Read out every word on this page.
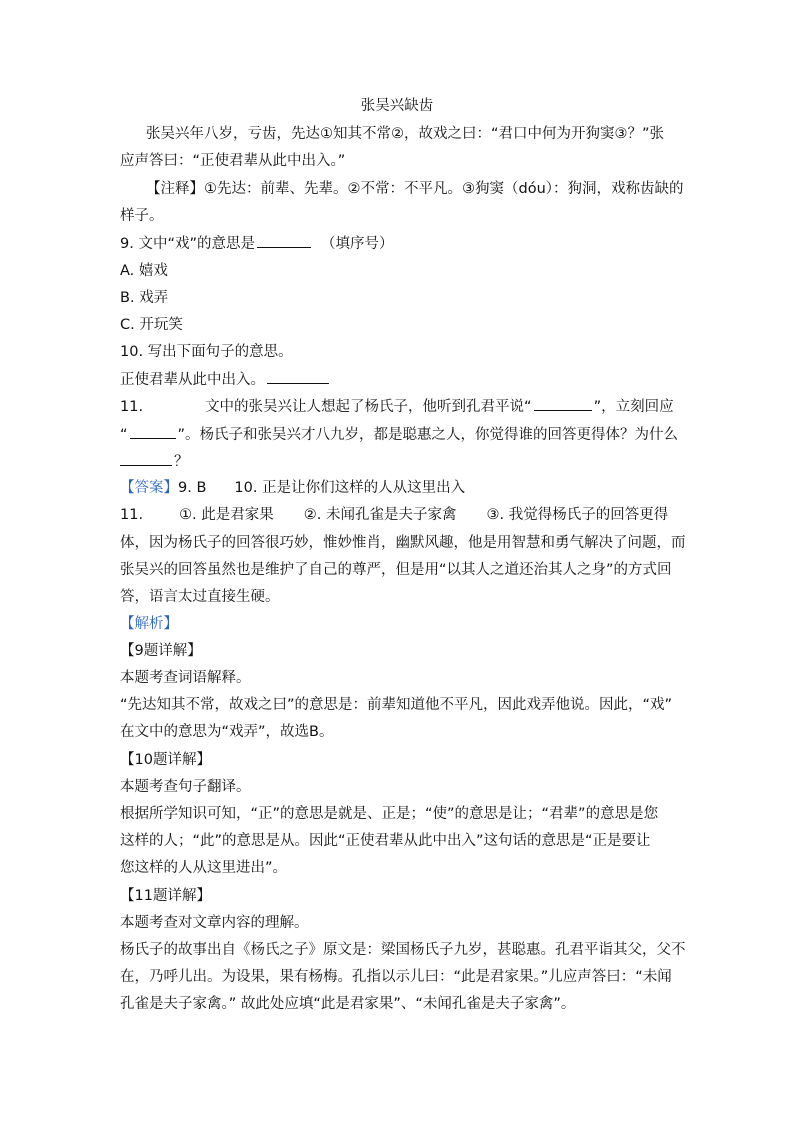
张吴兴缺齿
张吴兴年八岁，亏齿，先达①知其不常②，故戏之曰：“君口中何为开狗窦③？”张
应声答曰：“正使君辈从此中出入。”
【注释】①先达：前辈、先辈。②不常：不平凡。③狗窦（dóu）：狗洞，戏称齿缺的
样子。
9. 文中“戏”的意思是	（填序号）
A. 嬉戏
B. 戏弄
C. 开玩笑
10. 写出下面句子的意思。
正使君辈从此中出入。
11.	文中的张吴兴让人想起了杨氏子，他听到孔君平说“	”，立刻回应
“	”。杨氏子和张吴兴才八九岁，都是聪惠之人，你觉得谁的回答更得体？为什么
？
【答案】9. B 10. 正是让你们这样的人从这里出入
11. ①. 此是君家果 ②. 未闻孔雀是夫子家禽 ③. 我觉得杨氏子的回答更得
体，因为杨氏子的回答很巧妙，惟妙惟肖，幽默风趣，他是用智慧和勇气解决了问题，而
张吴兴的回答虽然也是维护了自己的尊严，但是用“以其人之道还治其人之身”的方式回
答，语言太过直接生硬。
【解析】
【9题详解】
本题考查词语解释。
“先达知其不常，故戏之曰”的意思是：前辈知道他不平凡，因此戏弄他说。因此，“戏”
在文中的意思为“戏弄”，故选B。
【10题详解】
本题考查句子翻译。
根据所学知识可知，“正”的意思是就是、正是；“使”的意思是让；“君辈”的意思是您
这样的人；“此”的意思是从。因此“正使君辈从此中出入”这句话的意思是“正是要让
您这样的人从这里进出”。
【11题详解】
本题考查对文章内容的理解。
杨氏子的故事出自《杨氏之子》原文是：梁国杨氏子九岁，甚聪惠。孔君平诣其父，父不
在，乃呼儿出。为设果，果有杨梅。孔指以示儿曰：“此是君家果。”儿应声答曰：“未闻
孔雀是夫子家禽。” 故此处应填“此是君家果”、“未闻孔雀是夫子家禽”。
